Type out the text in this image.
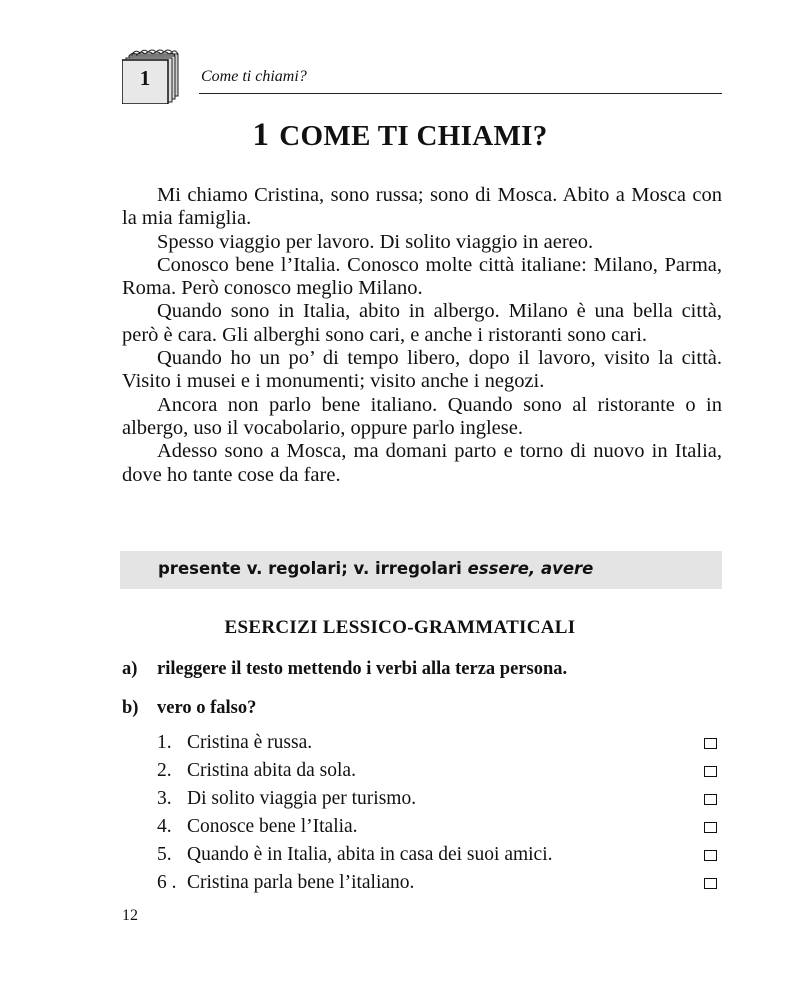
1	Come ti chiami?
1 COME TI CHIAMI?

Mi chiamo Cristina, sono russa; sono di Mosca. Abito a Mosca con la mia famiglia.

Spesso viaggio per lavoro. Di solito viaggio in aereo.

Conosco bene l’Italia. Conosco molte città italiane: Milano, Parma, Roma. Però conosco meglio Milano.

Quando sono in Italia, abito in albergo. Milano è una bella città, però è cara. Gli alberghi sono cari, e anche i ristoranti sono cari.

Quando ho un po’ di tempo libero, dopo il lavoro, visito la città. Visito i musei e i monumenti; visito anche i negozi.

Ancora non parlo bene italiano. Quando sono al ristorante o in albergo, uso il vocabolario, oppure parlo inglese.

Adesso sono a Mosca, ma domani parto e torno di nuovo in Italia, dove ho tante cose da fare.

presente v. regolari; v. irregolari essere, avere
ESERCIZI LESSICO-GRAMMATICALI
a) rileggere il testo mettendo i verbi alla terza persona.
b) vero o falso?
1. Cristina è russa.
2. Cristina abita da sola.
3. Di solito viaggia per turismo.
4. Conosce bene l’Italia.
5. Quando è in Italia, abita in casa dei suoi amici.
6 . Cristina parla bene l’italiano.
12
